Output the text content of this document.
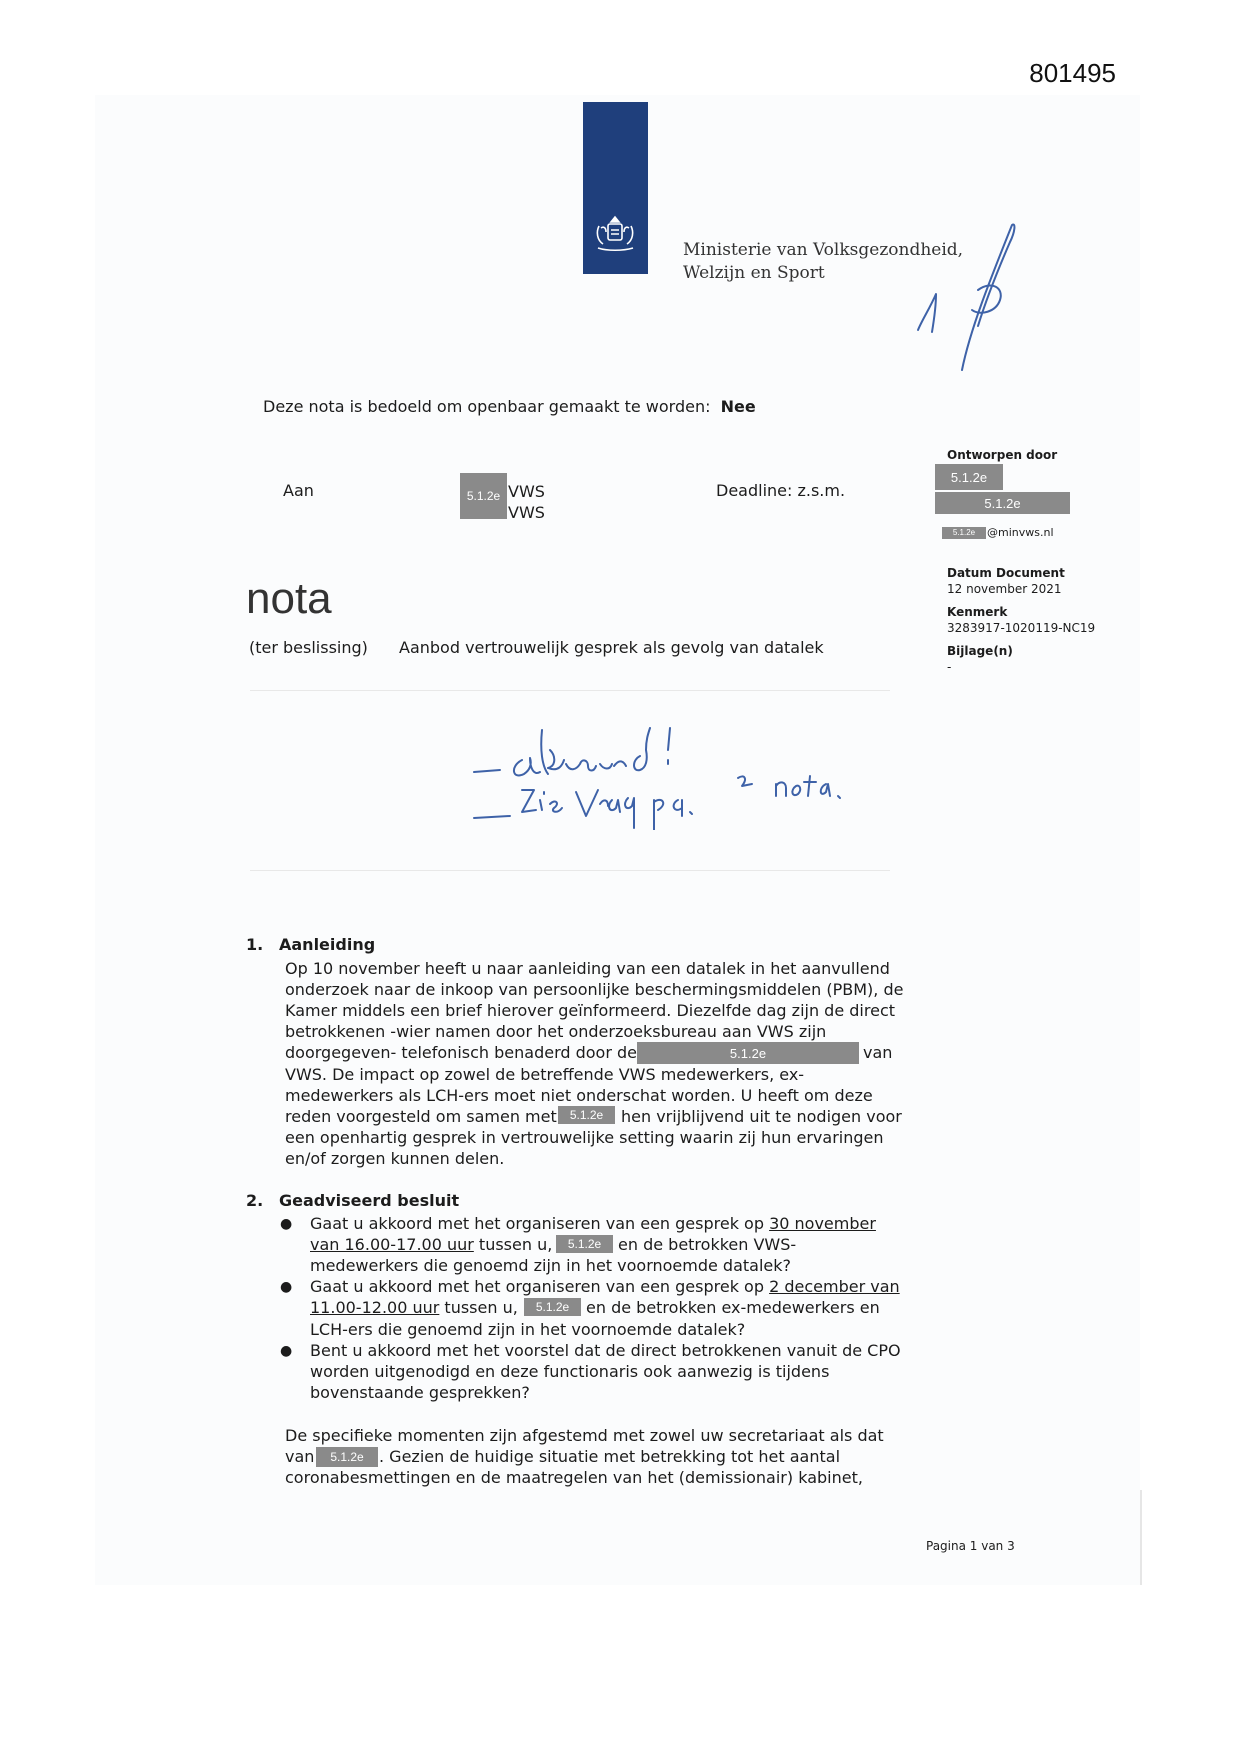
801495
Ministerie van Volksgezondheid,
Welzijn en Sport
Deze nota is bedoeld om openbaar gemaakt te worden: Nee
Aan	5.1.2e VWS
VWS
Deadline: z.s.m.
Ontworpen door
5.1.2e
5.1.2e
5.1.2e @minvws.nl
Datum Document
12 november 2021
Kenmerk
3283917-1020119-NC19
Bijlage(n)
-
nota
(ter beslissing) Aanbod vertrouwelijk gesprek als gevolg van datalek
1. Aanleiding
Op 10 november heeft u naar aanleiding van een datalek in het aanvullend
onderzoek naar de inkoop van persoonlijke beschermingsmiddelen (PBM), de
Kamer middels een brief hierover geïnformeerd. Diezelfde dag zijn de direct
betrokkenen -wier namen door het onderzoeksbureau aan VWS zijn
doorgegeven- telefonisch benaderd door de	5.1.2e	van
VWS. De impact op zowel de betreffende VWS medewerkers, ex-
medewerkers als LCH-ers moet niet onderschat worden. U heeft om deze
reden voorgesteld om samen met 5.1.2e hen vrijblijvend uit te nodigen voor
een openhartig gesprek in vertrouwelijke setting waarin zij hun ervaringen
en/of zorgen kunnen delen.
2. Geadviseerd besluit
● Gaat u akkoord met het organiseren van een gesprek op 30 november
van 16.00-17.00 uur tussen u, 5.1.2e en de betrokken VWS-
medewerkers die genoemd zijn in het voornoemde datalek?
● Gaat u akkoord met het organiseren van een gesprek op 2 december van
11.00-12.00 uur tussen u, 5.1.2e en de betrokken ex-medewerkers en
LCH-ers die genoemd zijn in het voornoemde datalek?
● Bent u akkoord met het voorstel dat de direct betrokkenen vanuit de CPO
worden uitgenodigd en deze functionaris ook aanwezig is tijdens
bovenstaande gesprekken?
De specifieke momenten zijn afgestemd met zowel uw secretariaat als dat
van 5.1.2e . Gezien de huidige situatie met betrekking tot het aantal
coronabesmettingen en de maatregelen van het (demissionair) kabinet,
Pagina 1 van 3
